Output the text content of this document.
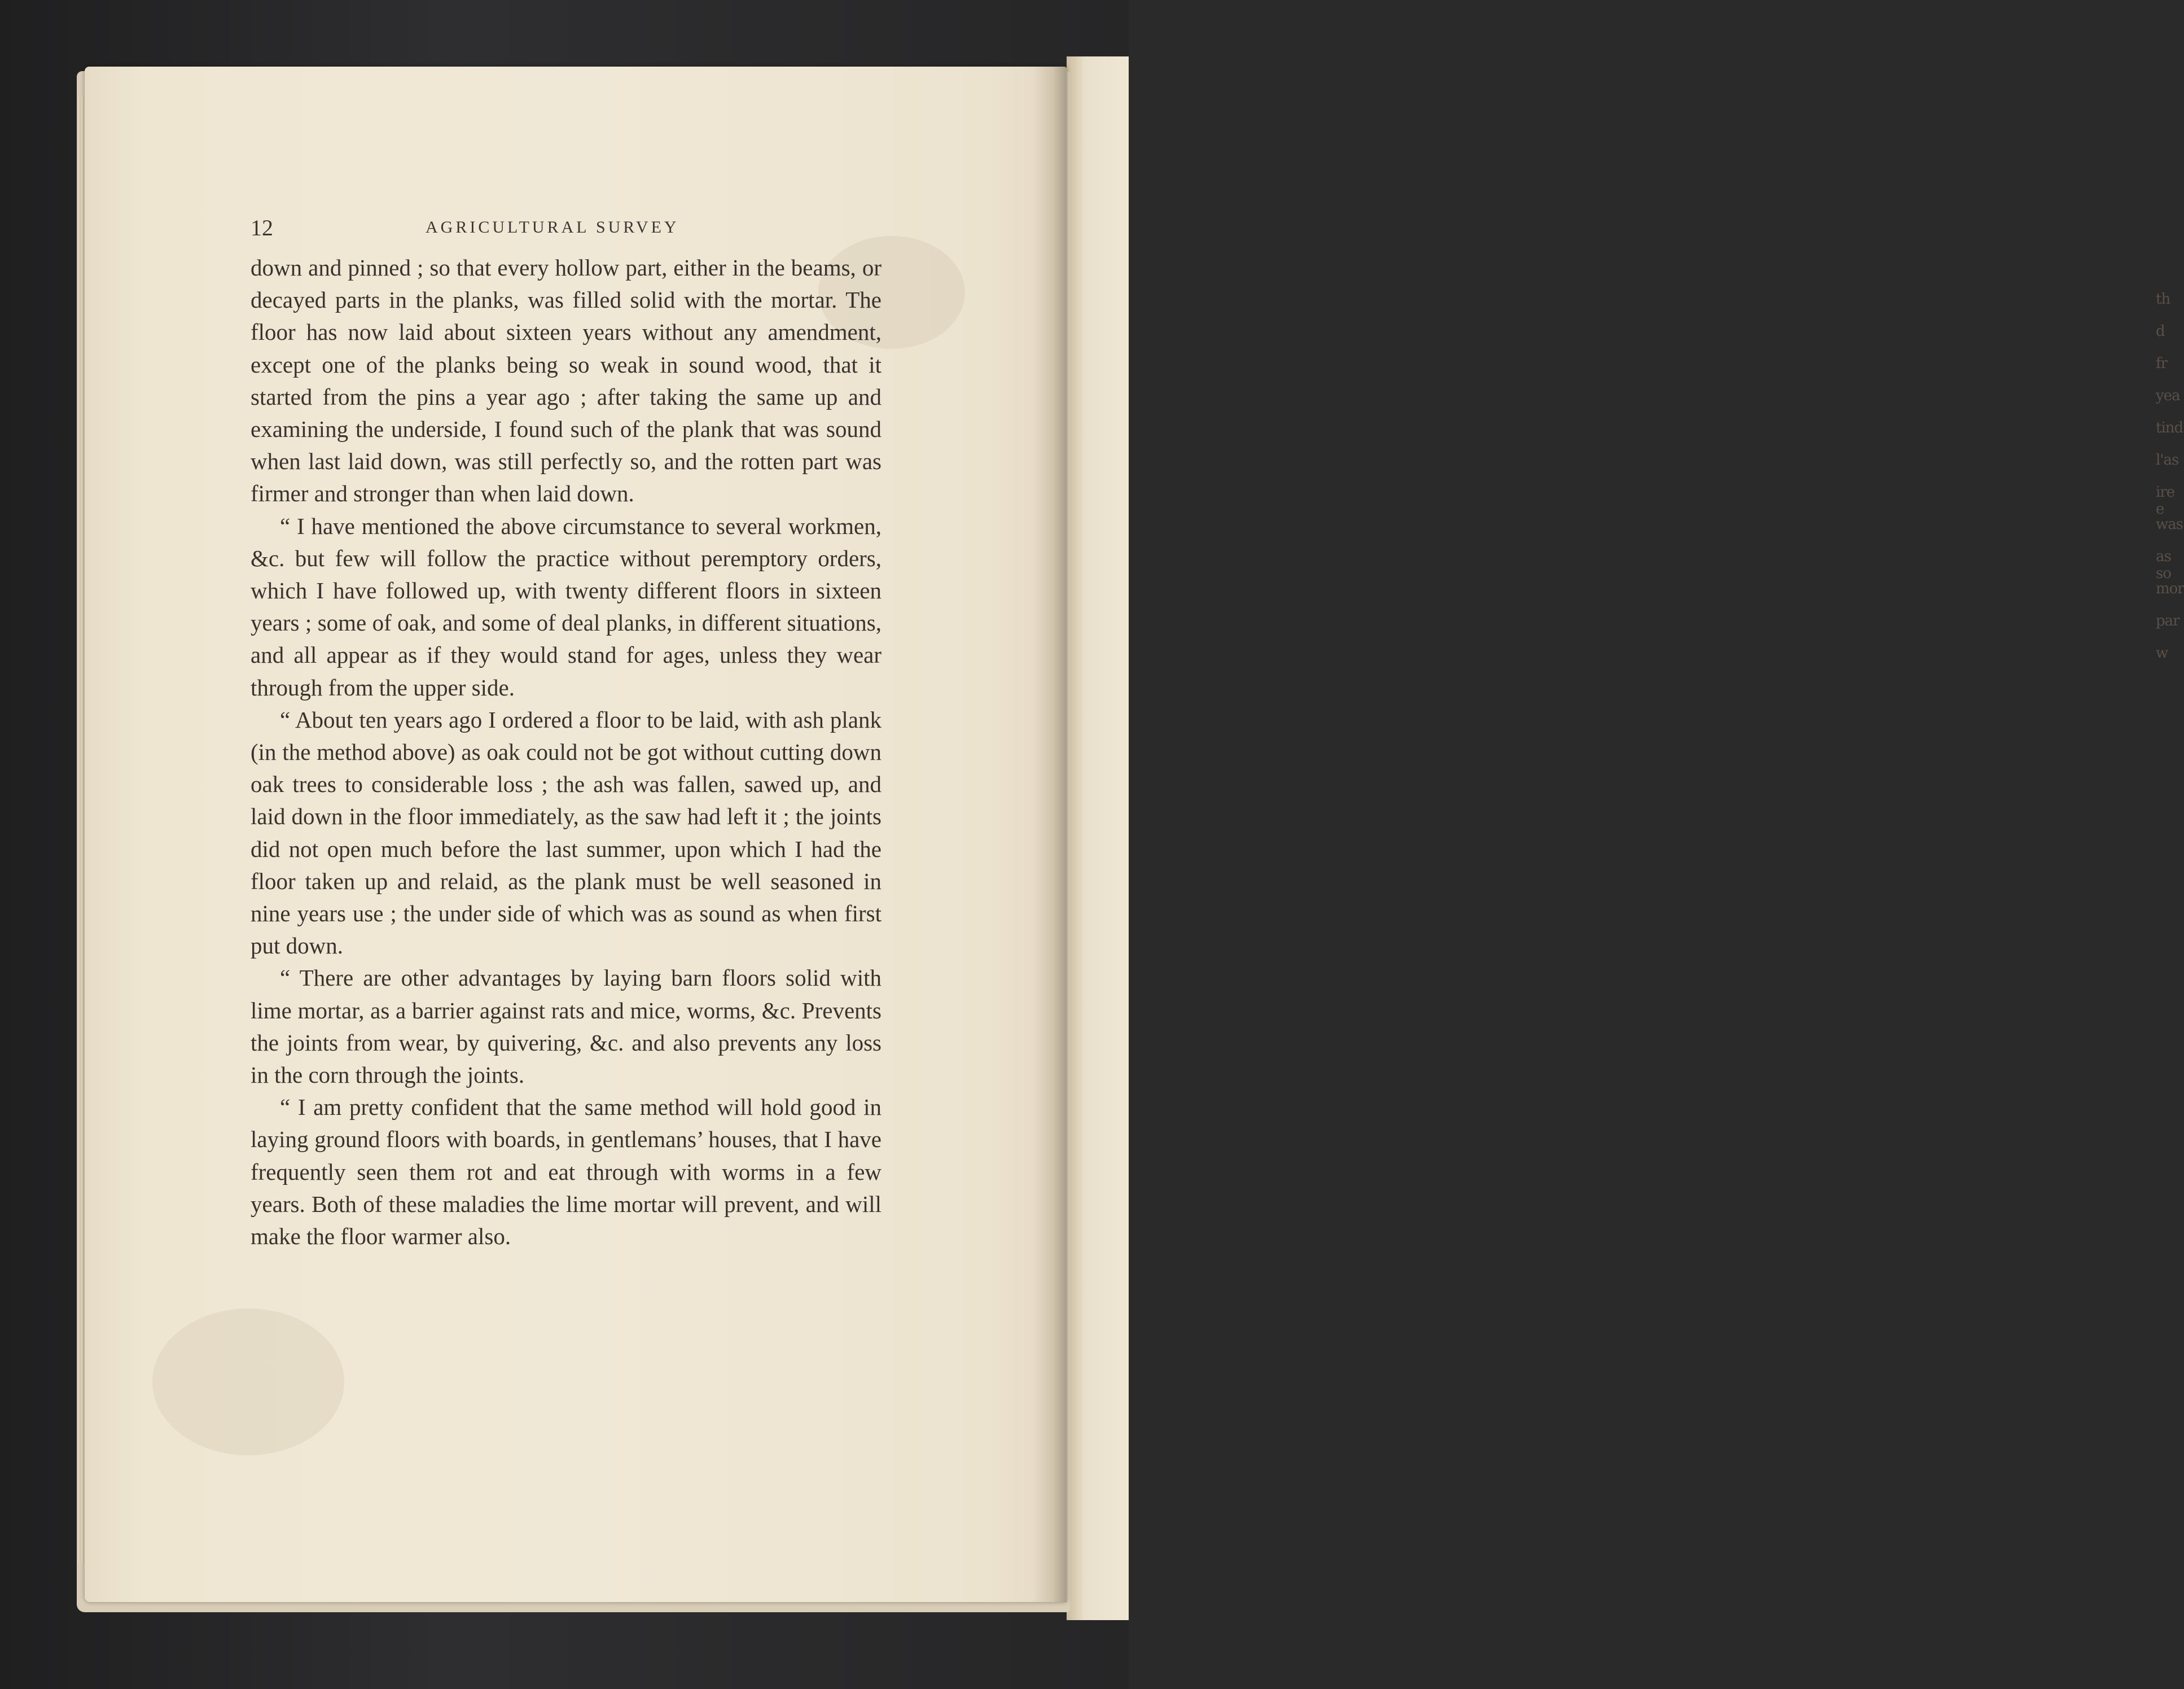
th
d
fr
yea
tind
l'as
ire e
was
as so
mor
par
w
12	AGRICULTURAL SURVEY

down and pinned ; so that every hollow part, either in the beams, or decayed parts in the planks, was filled solid with the mortar. The floor has now laid about sixteen years without any amendment, except one of the planks being so weak in sound wood, that it started from the pins a year ago ; after taking the same up and examining the underside, I found such of the plank that was sound when last laid down, was still perfectly so, and the rotten part was firmer and stronger than when laid down.

“ I have mentioned the above circumstance to several workmen, &c. but few will follow the practice without peremptory orders, which I have followed up, with twenty different floors in sixteen years ; some of oak, and some of deal planks, in different situations, and all appear as if they would stand for ages, unless they wear through from the upper side.

“ About ten years ago I ordered a floor to be laid, with ash plank (in the method above) as oak could not be got without cutting down oak trees to considerable loss ; the ash was fallen, sawed up, and laid down in the floor immediately, as the saw had left it ; the joints did not open much before the last summer, upon which I had the floor taken up and relaid, as the plank must be well seasoned in nine years use ; the under side of which was as sound as when first put down.

“ There are other advantages by laying barn floors solid with lime mortar, as a barrier against rats and mice, worms, &c. Prevents the joints from wear, by quivering, &c. and also prevents any loss in the corn through the joints.

“ I am pretty confident that the same method will hold good in laying ground floors with boards, in gentlemans’ houses, that I have frequently seen them rot and eat through with worms in a few years. Both of these maladies the lime mortar will prevent, and will make the floor warmer also.
